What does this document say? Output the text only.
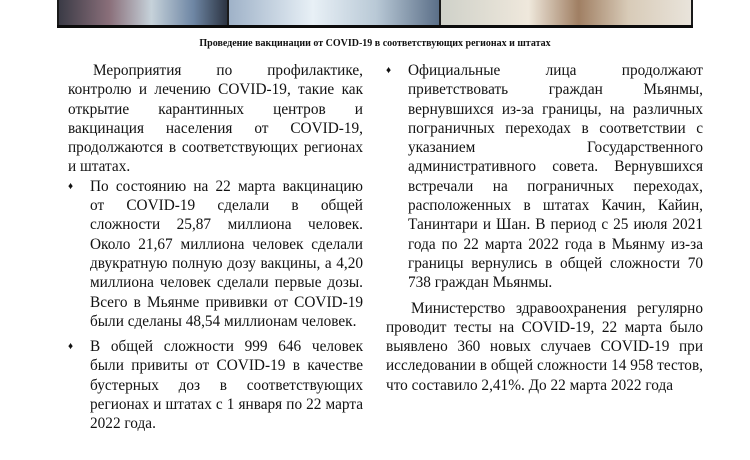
Проведение вакцинации от COVID-19 в соответствующих регионах и штатах

Мероприятия по профилактике, контролю и лечению COVID-19, такие как открытие карантинных центров и вакцинация населения от COVID-19, продолжаются в соответствующих регионах и штатах.

♦ По состоянию на 22 марта вакцинацию от COVID-19 сделали в общей сложности 25,87 миллиона человек. Около 21,67 миллиона человек сделали двукратную полную дозу вакцины, а 4,20 миллиона человек сделали первые дозы. Всего в Мьянме прививки от COVID-19 были сделаны 48,54 миллионам человек.

♦ В общей сложности 999 646 человек были привиты от COVID-19 в качестве бустерных доз в соответствующих регионах и штатах с 1 января по 22 марта 2022 года.

♦ Официальные лица продолжают приветствовать граждан Мьянмы, вернувшихся из-за границы, на различных пограничных переходах в соответствии с указанием Государственного административного совета. Вернувшихся встречали на пограничных переходах, расположенных в штатах Качин, Кайин, Танинтари и Шан. В период с 25 июля 2021 года по 22 марта 2022 года в Мьянму из-за границы вернулись в общей сложности 70 738 граждан Мьянмы.

Министерство здравоохранения регулярно проводит тесты на COVID-19, 22 марта было выявлено 360 новых случаев COVID-19 при исследовании в общей сложности 14 958 тестов, что составило 2,41%. До 22 марта 2022 года
